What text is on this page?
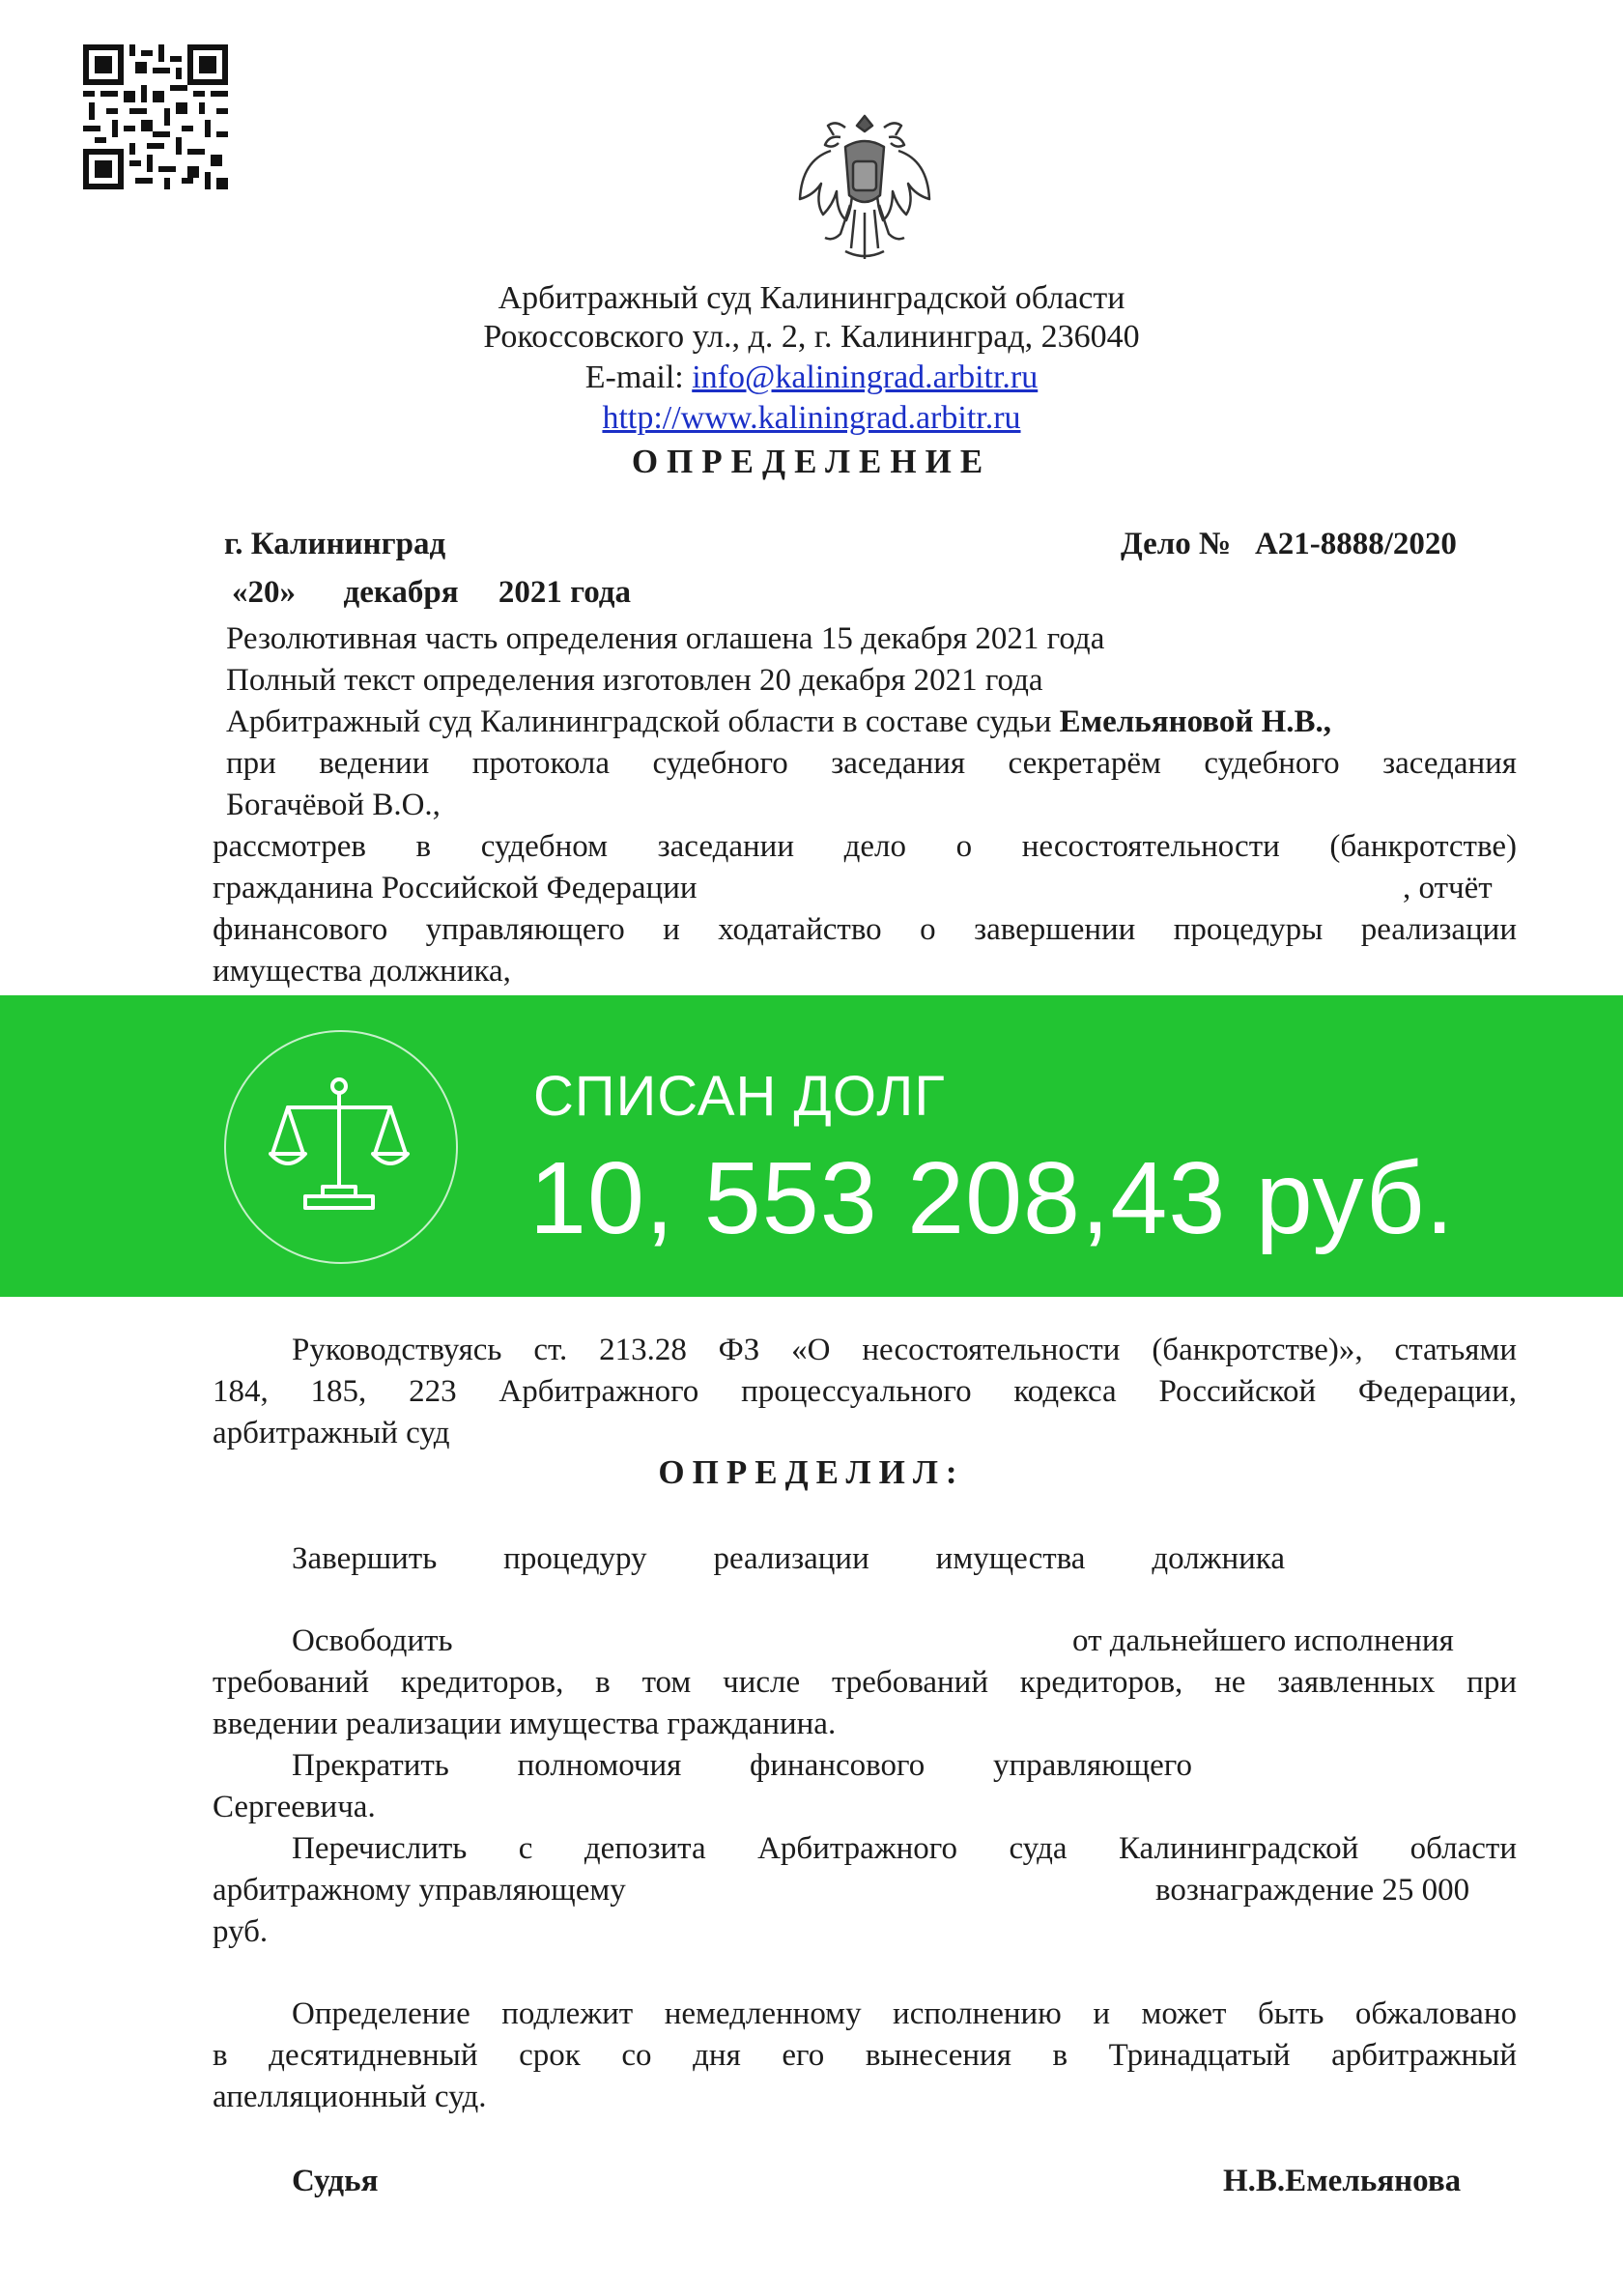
Арбитражный суд Калининградской области
Рокоссовского ул., д. 2, г. Калининград, 236040
E-mail: info@kaliningrad.arbitr.ru
http://www.kaliningrad.arbitr.ru
ОПРЕДЕЛЕНИЕ
г. Калининград	Дело № А21-8888/2020
«20» декабря 2021 года
Резолютивная часть определения оглашена 15 декабря 2021 года
Полный текст определения изготовлен 20 декабря 2021 года
Арбитражный суд Калининградской области в составе судьи Емельяновой Н.В.,
при ведении протокола судебного заседания секретарём судебного заседания
Богачёвой В.О.,
рассмотрев в судебном заседании дело о несостоятельности (банкротстве)
гражданина Российской Федерации	, отчёт
финансового управляющего и ходатайство о завершении процедуры реализации
имущества должника,
СПИСАН ДОЛГ
10, 553 208,43 руб.
Руководствуясь ст. 213.28 ФЗ «О несостоятельности (банкротстве)», статьями
184, 185, 223 Арбитражного процессуального кодекса Российской Федерации,
арбитражный суд
ОПРЕДЕЛИЛ:
Завершить процедуру реализации имущества должника
Освободить	от дальнейшего исполнения
требований кредиторов, в том числе требований кредиторов, не заявленных при
введении реализации имущества гражданина.
Прекратить полномочия финансового управляющего
Сергеевича.
Перечислить с депозита Арбитражного суда Калининградской области
арбитражному управляющему	вознаграждение 25 000
руб.
Определение подлежит немедленному исполнению и может быть обжаловано
в десятидневный срок со дня его вынесения в Тринадцатый арбитражный
апелляционный суд.
Судья	Н.В.Емельянова
